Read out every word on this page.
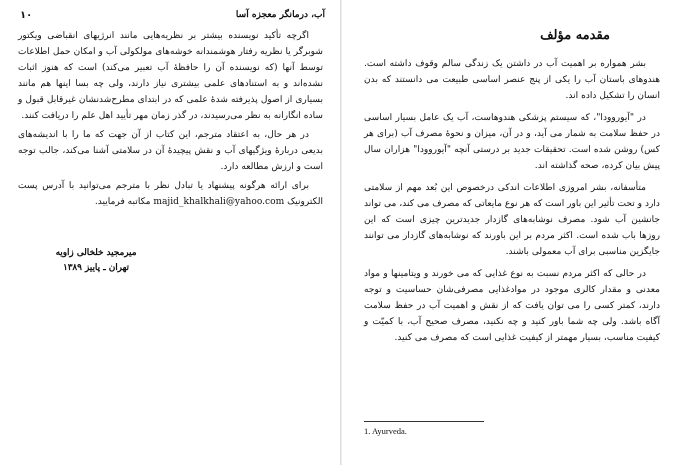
آب، درمانگر معجزه آسا
۱۰

اگرچه تأکید نویسنده بیشتر بر نظریه‌هایی مانند انرژیهای انقباضی ویکتور شوبرگر یا نظریه رفتار هوشمندانه خوشه‌های مولکولی آب و امکان حمل اطلاعات توسط آنها (که نویسنده آن را حافظهٔ آب تعبیر می‌کند) است که هنوز اثبات نشده‌اند و به استنادهای علمی بیشتری نیاز دارند، ولی چه بسا اینها هم مانند بسیاری از اصول پذیرفته شدهٔ علمی که در ابتدای مطرح‌شدنشان غیرقابل قبول و ساده انگارانه به نظر می‌رسیدند، در گذر زمان مهر تأیید اهل علم را دریافت کنند.

در هر حال، به اعتقاد مترجم، این کتاب از آن جهت که ما را با اندیشه‌های بدیعی دربارهٔ ویژگیهای آب و نقش پیچیدهٔ آن در سلامتی آشنا می‌کند، جالب توجه است و ارزش مطالعه دارد.

برای ارائه هرگونه پیشنهاد یا تبادل نظر با مترجم می‌توانید با آدرس پست الکترونیک majid_khalkhali@yahoo.com مکاتبه فرمایید.

میرمجید خلخالی زاویه
تهران ـ پاییز ۱۳۸۹

بشر همواره بر اهمیت آب در داشتن یک زندگی سالم وقوف داشته است. هندوهای باستان آب را یکی از پنج عنصر اساسی طبیعت می دانستند که بدن انسان را تشکیل داده اند.

در "آیوروودا"، که سیستم پزشکی هندوهاست، آب یک عامل بسیار اساسی در حفظ سلامت به شمار می آید، و در آن، میزان و نحوهٔ مصرف آب (برای هر کس) روشن شده است. تحقیقات جدید بر درستی آنچه "آیوروودا" هزاران سال پیش بیان کرده، صحه گذاشته اند.

متأسفانه، بشر امروزی اطلاعات اندکی درخصوص این بُعد مهم از سلامتی دارد و تحت تأثیر این باور است که هر نوع مایعاتی که مصرف می کند، می تواند جانشین آب شود. مصرف نوشابه‌های گازدار جدیدترین چیزی است که این روزها باب شده است. اکثر مردم بر این باورند که نوشابه‌های گازدار می توانند جایگزین مناسبی برای آب معمولی باشند.

در حالی که اکثر مردم نسبت به نوع غذایی که می خورند و ویتامینها و مواد معدنی و مقدار کالری موجود در موادغذایی مصرفی‌شان حساسیت و توجه دارند، کمتر کسی را می توان یافت که از نقش و اهمیت آب در حفظ سلامت آگاه باشد. ولی چه شما باور کنید و چه نکنید، مصرف صحیح آب، با کمیّت و کیفیت مناسب، بسیار مهمتر از کیفیت غذایی است که مصرف می کنید.

1. Ayurveda.
مقدمه مؤلف
